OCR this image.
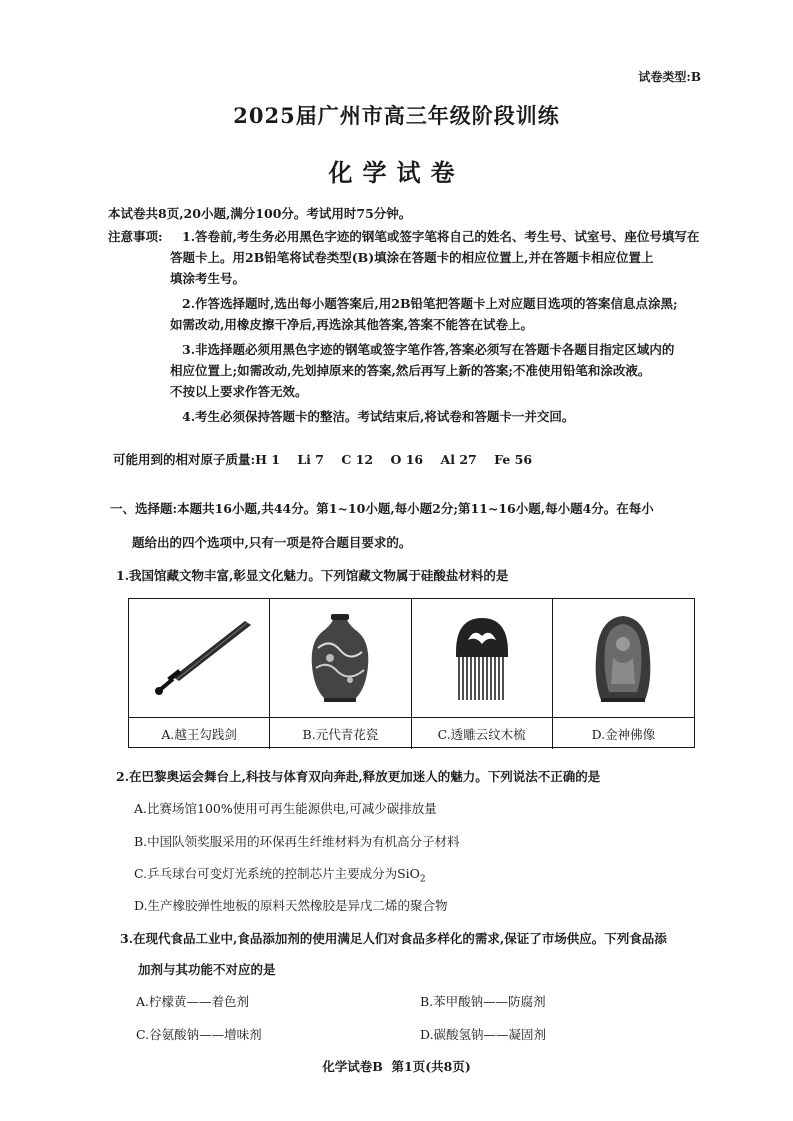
试卷类型:B
2025届广州市高三年级阶段训练
化学试卷
本试卷共8页,20小题,满分100分。考试用时75分钟。
注意事项: 1.答卷前,考生务必用黑色字迹的钢笔或签字笔将自己的姓名、考生号、试室号、座位号填写在

答题卡上。用2B铅笔将试卷类型(B)填涂在答题卡的相应位置上,并在答题卡相应位置上

填涂考生号。

2.作答选择题时,选出每小题答案后,用2B铅笔把答题卡上对应题目选项的答案信息点涂黑;

如需改动,用橡皮擦干净后,再选涂其他答案,答案不能答在试卷上。

3.非选择题必须用黑色字迹的钢笔或签字笔作答,答案必须写在答题卡各题目指定区域内的

相应位置上;如需改动,先划掉原来的答案,然后再写上新的答案;不准使用铅笔和涂改液。

不按以上要求作答无效。

4.考生必须保持答题卡的整洁。考试结束后,将试卷和答题卡一并交回。

可能用到的相对原子质量:H 1    Li 7    C 12    O 16    Al 27    Fe 56
一、选择题:本题共16小题,共44分。第1~10小题,每小题2分;第11~16小题,每小题4分。在每小
题给出的四个选项中,只有一项是符合题目要求的。
1.我国馆藏文物丰富,彰显文化魅力。下列馆藏文物属于硅酸盐材料的是
A.越王勾践剑	B.元代青花瓷	C.透雕云纹木梳	D.金神佛像
2.在巴黎奥运会舞台上,科技与体育双向奔赴,释放更加迷人的魅力。下列说法不正确的是
A.比赛场馆100%使用可再生能源供电,可减少碳排放量
B.中国队领奖服采用的环保再生纤维材料为有机高分子材料
C.乒乓球台可变灯光系统的控制芯片主要成分为SiO$_2$
D.生产橡胶弹性地板的原料天然橡胶是异戊二烯的聚合物
3.在现代食品工业中,食品添加剂的使用满足人们对食品多样化的需求,保证了市场供应。下列食品添
加剂与其功能不对应的是
A.柠檬黄——着色剂	B.苯甲酸钠——防腐剂
C.谷氨酸钠——增味剂	D.碳酸氢钠——凝固剂
化学试卷B  第1页(共8页)
